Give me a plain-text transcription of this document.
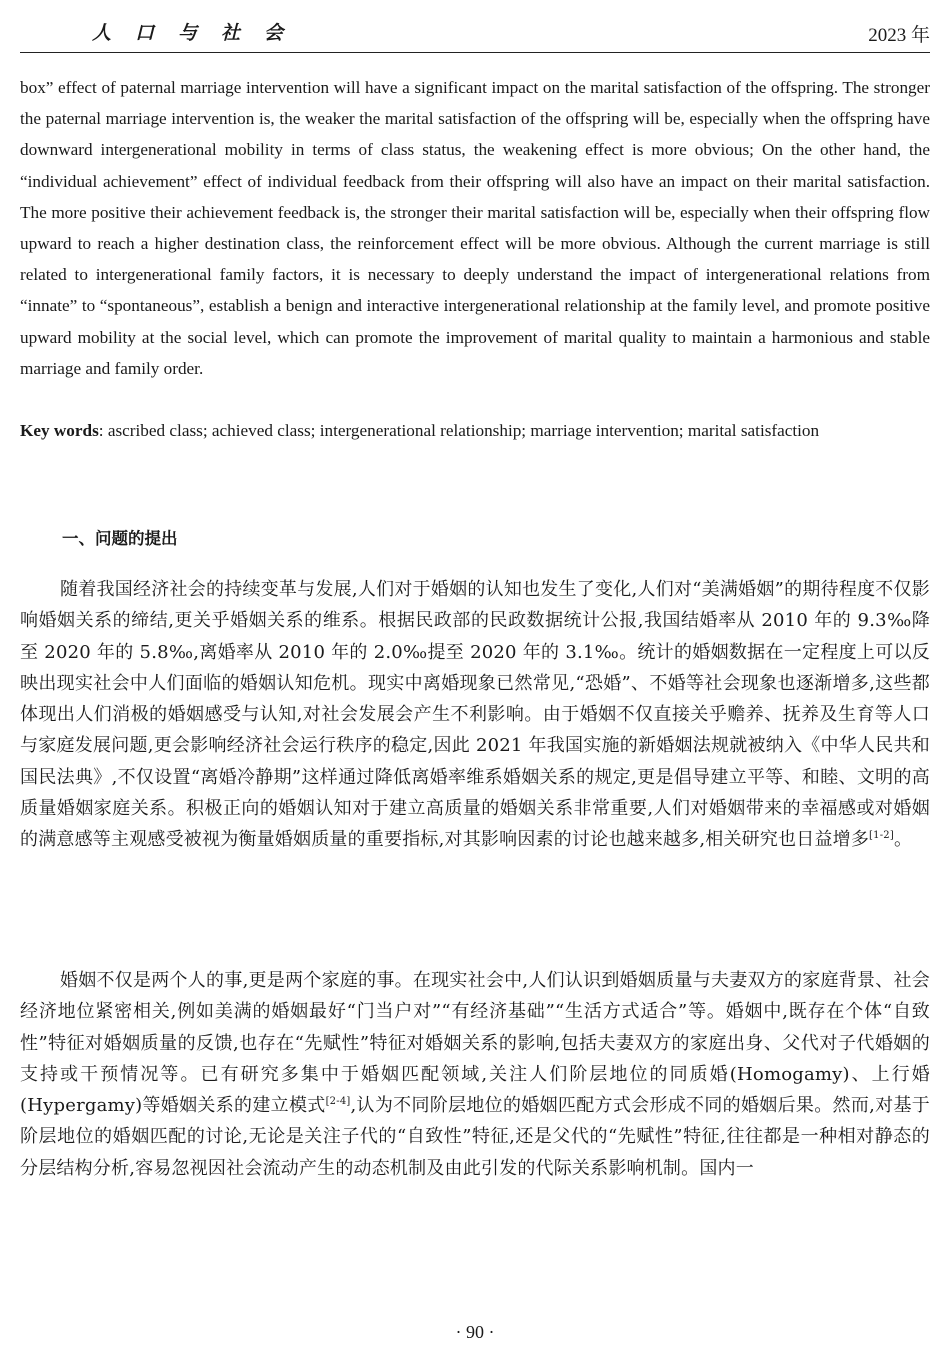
人口与社会	2023 年

box” effect of paternal marriage intervention will have a significant impact on the marital satisfaction of the offspring. The stronger the paternal marriage intervention is, the weaker the marital satisfaction of the offspring will be, especially when the offspring have downward intergenerational mobility in terms of class status, the weakening effect is more obvious; On the other hand, the “individual achievement” effect of individual feedback from their offspring will also have an impact on their marital satisfaction. The more positive their achievement feedback is, the stronger their marital satisfaction will be, especially when their offspring flow upward to reach a higher destination class, the reinforcement effect will be more obvious. Although the current marriage is still related to intergenerational family factors, it is necessary to deeply understand the impact of intergenerational relations from “innate” to “spontaneous”, establish a benign and interactive intergenerational relationship at the family level, and promote positive upward mobility at the social level, which can promote the improvement of marital quality to maintain a harmonious and stable marriage and family order.

Key words: ascribed class; achieved class; intergenerational relationship; marriage intervention; marital satisfaction

一、问题的提出

随着我国经济社会的持续变革与发展,人们对于婚姻的认知也发生了变化,人们对“美满婚姻”的期待程度不仅影响婚姻关系的缔结,更关乎婚姻关系的维系。根据民政部的民政数据统计公报,我国结婚率从 2010 年的 9.3‰降至 2020 年的 5.8‰,离婚率从 2010 年的 2.0‰提至 2020 年的 3.1‰。统计的婚姻数据在一定程度上可以反映出现实社会中人们面临的婚姻认知危机。现实中离婚现象已然常见,“恐婚”、不婚等社会现象也逐渐增多,这些都体现出人们消极的婚姻感受与认知,对社会发展会产生不利影响。由于婚姻不仅直接关乎赡养、抚养及生育等人口与家庭发展问题,更会影响经济社会运行秩序的稳定,因此 2021 年我国实施的新婚姻法规就被纳入《中华人民共和国民法典》,不仅设置“离婚冷静期”这样通过降低离婚率维系婚姻关系的规定,更是倡导建立平等、和睦、文明的高质量婚姻家庭关系。积极正向的婚姻认知对于建立高质量的婚姻关系非常重要,人们对婚姻带来的幸福感或对婚姻的满意感等主观感受被视为衡量婚姻质量的重要指标,对其影响因素的讨论也越来越多,相关研究也日益增多[1-2]。

婚姻不仅是两个人的事,更是两个家庭的事。在现实社会中,人们认识到婚姻质量与夫妻双方的家庭背景、社会经济地位紧密相关,例如美满的婚姻最好“门当户对”“有经济基础”“生活方式适合”等。婚姻中,既存在个体“自致性”特征对婚姻质量的反馈,也存在“先赋性”特征对婚姻关系的影响,包括夫妻双方的家庭出身、父代对子代婚姻的支持或干预情况等。已有研究多集中于婚姻匹配领域,关注人们阶层地位的同质婚(Homogamy)、上行婚(Hypergamy)等婚姻关系的建立模式[2-4],认为不同阶层地位的婚姻匹配方式会形成不同的婚姻后果。然而,对基于阶层地位的婚姻匹配的讨论,无论是关注子代的“自致性”特征,还是父代的“先赋性”特征,往往都是一种相对静态的分层结构分析,容易忽视因社会流动产生的动态机制及由此引发的代际关系影响机制。国内一

· 90 ·
